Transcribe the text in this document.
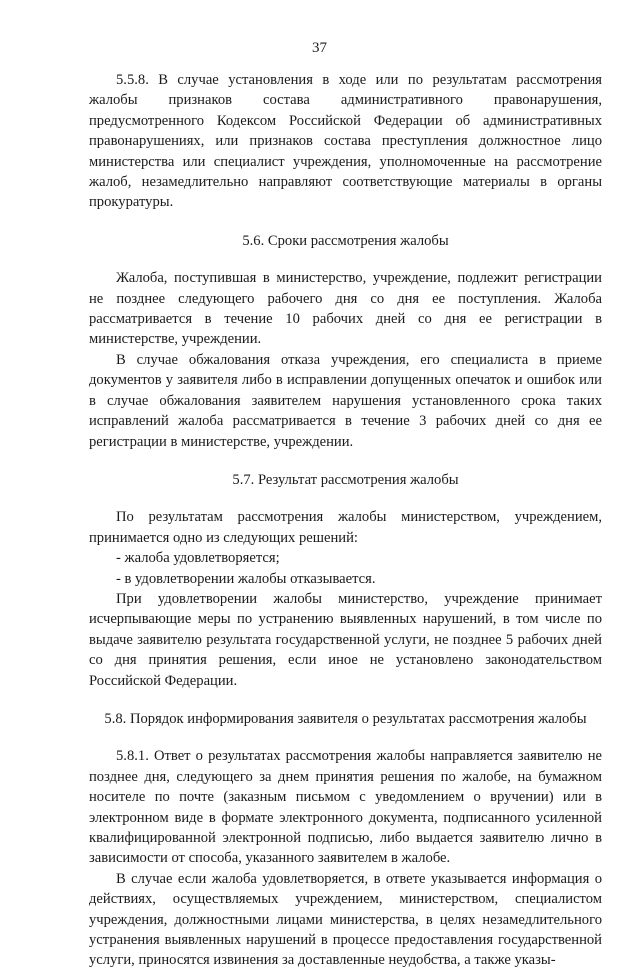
37

5.5.8. В случае установления в ходе или по результатам рассмотрения жалобы признаков состава административного правонарушения, предусмотренного Кодексом Российской Федерации об административных правонарушениях, или признаков состава преступления должностное лицо министерства или специалист учреждения, уполномоченные на рассмотрение жалоб, незамедлительно направляют соответствующие материалы в органы прокуратуры.

5.6. Сроки рассмотрения жалобы

Жалоба, поступившая в министерство, учреждение, подлежит регистрации не позднее следующего рабочего дня со дня ее поступления. Жалоба рассматривается в течение 10 рабочих дней со дня ее регистрации в министерстве, учреждении.

В случае обжалования отказа учреждения, его специалиста в приеме документов у заявителя либо в исправлении допущенных опечаток и ошибок или в случае обжалования заявителем нарушения установленного срока таких исправлений жалоба рассматривается в течение 3 рабочих дней со дня ее регистрации в министерстве, учреждении.

5.7. Результат рассмотрения жалобы

По результатам рассмотрения жалобы министерством, учреждением, принимается одно из следующих решений:

- жалоба удовлетворяется;

- в удовлетворении жалобы отказывается.

При удовлетворении жалобы министерство, учреждение принимает исчерпывающие меры по устранению выявленных нарушений, в том числе по выдаче заявителю результата государственной услуги, не позднее 5 рабочих дней со дня принятия решения, если иное не установлено законодательством Российской Федерации.

5.8. Порядок информирования заявителя о результатах рассмотрения жалобы

5.8.1. Ответ о результатах рассмотрения жалобы направляется заявителю не позднее дня, следующего за днем принятия решения по жалобе, на бумажном носителе по почте (заказным письмом с уведомлением о вручении) или в электронном виде в формате электронного документа, подписанного усиленной квалифицированной электронной подписью, либо выдается заявителю лично в зависимости от способа, указанного заявителем в жалобе.

В случае если жалоба удовлетворяется, в ответе указывается информация о действиях, осуществляемых учреждением, министерством, специалистом учреждения, должностными лицами министерства, в целях незамедлительного устранения выявленных нарушений в процессе предоставления государственной услуги, приносятся извинения за доставленные неудобства, а также указы-
